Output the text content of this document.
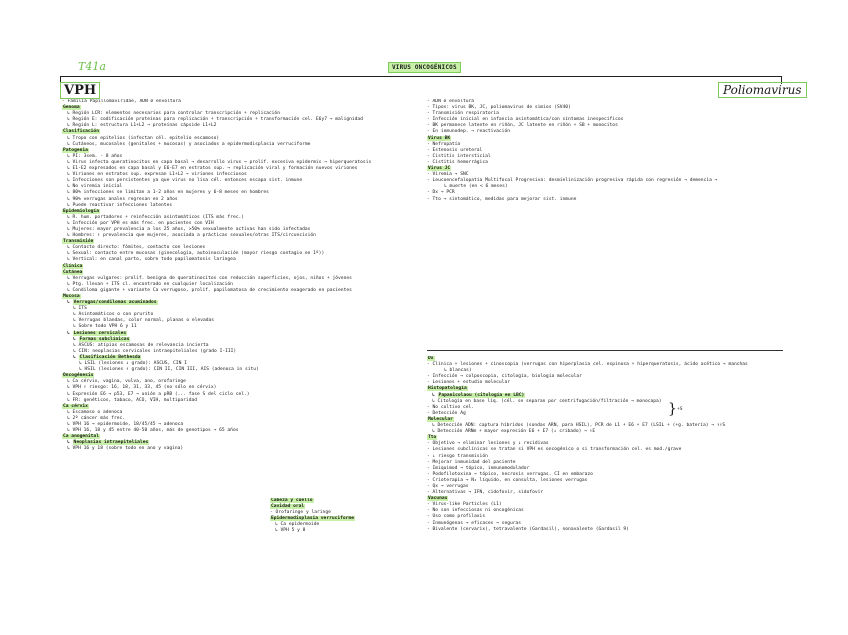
T41a	VIRUS ONCOGÉNICOS
VPH	Poliomavirus
- Familia Papillomaviridae, ADN ∅ envoltura
Genoma
↳ Región LCR: elementos necesarios para controlar transcripción + replicación
↳ Región E: codificación proteínas para replicación + transcripción + transformación cel. E6y7 → malignidad
↳ Región L: estructura L1+L2 → proteínas cápside L1+L2
Clasificación
↳ Tropo con epitelios (infectan cél. epitelio escamoso)
↳ Cutáneos, mucosales (genitales + mucosas) y asociados a epidermodisplasia verruciforme
Patogenia
↳ PI: 3sem. - 8 años
↳ Virus infecta queratinocitos en capa basal → desarrollo virus → prolif. excesiva epidermis → hiperqueratosis
↳ E1-E2 expresados en capa basal y E6-E7 en estratos sup. → replicación viral y formación nuevos viriones
↳ Viriones en estratos sup. expresan L1+L2 → viriones infecciosos
↳ Infecciones son persistentes ya que virus no lisa cél. entonces escapa sist. inmune
↳ No viremia inicial
↳ 80% infecciones se limitan a 1-2 años en mujeres y 6-8 meses en hombres
↳ 90% verrugas anales regresan en 2 años
↳ Puede reactivar infecciones latentes
Epidemiología
↳ R. hum. portadores + reinfección asintomáticos (ITS más frec.)
↳ Infección por VPH es más frec. en pacientes con VIH
↳ Mujeres: mayor prevalencia a los 25 años, >50% sexualmente activas han sido infectadas
↳ Hombres: ↑ prevalencia que mujeres, asociada a prácticas sexuales/otras ITS/circuncisión
Transmisión
↳ Contacto directo: fómites, contacto con lesiones
↳ Sexual: contacto entre mucosas (ginecología, autoinoculación (mayor riesgo contagio en 1º))
↳ Vertical: en canal parto, sobre todo papilomatosis laríngea
Clínica
Cutánea
↳ Verrugas vulgares: prolif. benigna de queratinocitos con reducción superficies, ojos, niños + jóvenes
↳ Ptg. llevan + ITS cl. encontrado en cualquier localización
↳ Condiloma gigante + variante Ca verrugoso, prolif. papilomatosa de crecimiento exagerado en pacientes
Mucosa
↳ Verrugas/condilomas acuminados
↳ ITS
↳ Asintomáticos o con prurito
↳ Verrugas blandas, color normal, planas o elevadas
↳ Sobre todo VPH 6 y 11
↳ Lesiones cervicales
↳ Formas subclínicas
↳ ASCUS: atípias escamosas de relevancia incierta
↳ CIN: neoplasias cervicales intraepiteliales (grado I-III)
↳ Clasificación Bethesda
↳ LSIL (lesiones ↓ grado): ASCUS, CIN I
↳ HSIL (lesiones ↑ grado): CIN II, CIN III, AIS (adenoca in situ)
Oncogénesis
↳ Ca cérvix, vagina, vulva, ano, orofaringe
↳ VPH ↑ riesgo: 16, 18, 31, 33, 45 (no sólo en cérvix)
↳ Expresión E6 → p53, E7 → unión a pRB (... fase S del ciclo cel.)
↳ FR: genéticos, tabaco, ACO, VIH, multiparidad
Ca cérvix
↳ Escamoso o adenoca
↳ 2º cáncer más frec.
↳ VPH 16 → epidermoide, 18/45/45 → adenoca
↳ VPH 16, 18 y 45 entre 40-50 años, más de genotipos → 65 años
Ca anogenital
↳ Neoplasias intraepiteliales
↳ VPH 16 y 18 (sobre todo en ano y vagina)
Cabeza y cuello
Cavidad oral
- Orofaringe y laringe
Epidermodisplasia verruciforme
↳ Ca epidermoide
↳ VPH 5 y 8
- ADN ∅ envoltura
- Tipos: virus BK, JC, poliomavirus de simios (SV40)
- Transmisión respiratoria
- Infección inicial en infancia asintomática/con síntomas inespecíficos
- BK permanece latente en riñón, JC latente en riñón + SB + monocitos
- En inmunodep. → reactivación
Virus BK
- Nefropatía
- Estenosis ureteral
- Cistitis intersticial
- Cistitis hemorrágica
Virus JC
- Viremia → SNC
- Leucoencefalopatía Multifocal Progresiva: desmielinización progresiva rápida con regresión → demencia →
↳ muerte (en < 6 meses)
- Dx → PCR
- Tto → sintomático, medidas para mejorar sist. inmune
Dx
- Clínica + lesiones + cinoscopia (verrugas con hiperplasia cel. espinosa + hiperqueratosis, ácido acético → manchas
↳ blancas)
- Infección → colposcopia, citología, biología molecular
- Lesiones + estudio molecular
Histopatología
↳ Papanicolaou (citología en LBC)
↳ Citología en base líq. (cél. se separan por centrifugación/filtración → monocapa)
- No cultivo cel.
- Detección Ag
Molecular
↳ Detección ADN: captura híbridos (sondas ARN, para HSIL), PCR de L1 + E6 + E7 (LSIL + (+g. batería) → ↑↑S
↳ Detección ARNm + mayor expresión E6 + E7 (↓ cribado) → ↑E
Tto
- Objetivo → eliminar lesiones y ↓ recidivas
- Lesiones subclínicas se tratan si VPH es oncogénico o si transformación cel. es mod./grave
- ↓ riesgo transmisión
- Mejorar inmunidad del paciente
- Imiquimod → tópico, inmunomodulador
- Podofilotoxina → tópico, necrosis verrugas. CI en embarazo
- Crioterapia → N₂ líquido, en consulta, lesiones verrugas
- Qx → verrugas
- Alternativas → IFN, cidofovir, sidofovir
Vacunas
- Virus-like Particles (L1)
- No son infecciosas ni oncogénicas
- Uso como profilaxis
- Inmunógenas → eficaces → seguras
- Bivalente (cervarix), tetravalente (Gardasil), nonavalente (Gardasil 9)
} +S
